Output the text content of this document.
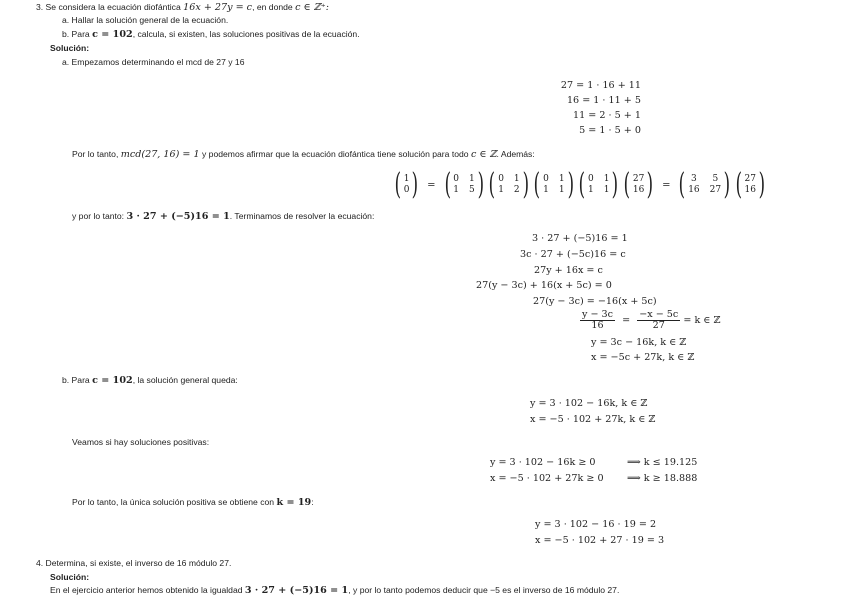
3. Se considera la ecuación diofántica 16x + 27y = c, en donde c ∈ ℤ⁺:
a. Hallar la solución general de la ecuación.
b. Para c = 102, calcula, si existen, las soluciones positivas de la ecuación.
Solución:
a. Empezamos determinando el mcd de 27 y 16
27 = 1 · 16 + 11
16 = 1 · 11 + 5
11 = 2 · 5 + 1
5 = 1 · 5 + 0
Por lo tanto, mcd(27, 16) = 1 y podemos afirmar que la ecuación diofántica tiene solución para todo c ∈ ℤ. Además:
( 1
0 ) = ( 0 1
1 5 ) ( 0 1
1 2 ) ( 0 1
1 1 ) ( 0 1
1 1 ) ( 27
16 ) = ( 3	5
16 27 ) ( 27
16 )
y por lo tanto: 3 · 27 + (−5)16 = 1. Terminamos de resolver la ecuación:
3 · 27 + (−5)16 = 1
3c · 27 + (−5c)16 = c
27y + 16x = c
27(y − 3c) + 16(x + 5c) = 0
27(y − 3c) = −16(x + 5c)
$\frac{y - 3c}{16} = \frac{-x - 5c}{27} = k$ ∈ ℤ
y = 3c − 16k, k ∈ ℤ
x = −5c + 27k, k ∈ ℤ
b. Para c = 102, la solución general queda:
y = 3 · 102 − 16k, k ∈ ℤ
x = −5 · 102 + 27k, k ∈ ℤ
Veamos si hay soluciones positivas:
y = 3 · 102 − 16k ≥ 0	⟹ k ≤ 19.125
x = −5 · 102 + 27k ≥ 0 ⟹ k ≥ 18.888
Por lo tanto, la única solución positiva se obtiene con k = 19:
y = 3 · 102 − 16 · 19 = 2
x = −5 · 102 + 27 · 19 = 3
4. Determina, si existe, el inverso de 16 módulo 27.
Solución:
En el ejercicio anterior hemos obtenido la igualdad 3 · 27 + (−5)16 = 1, y por lo tanto podemos deducir que −5 es el inverso de 16 módulo 27.
